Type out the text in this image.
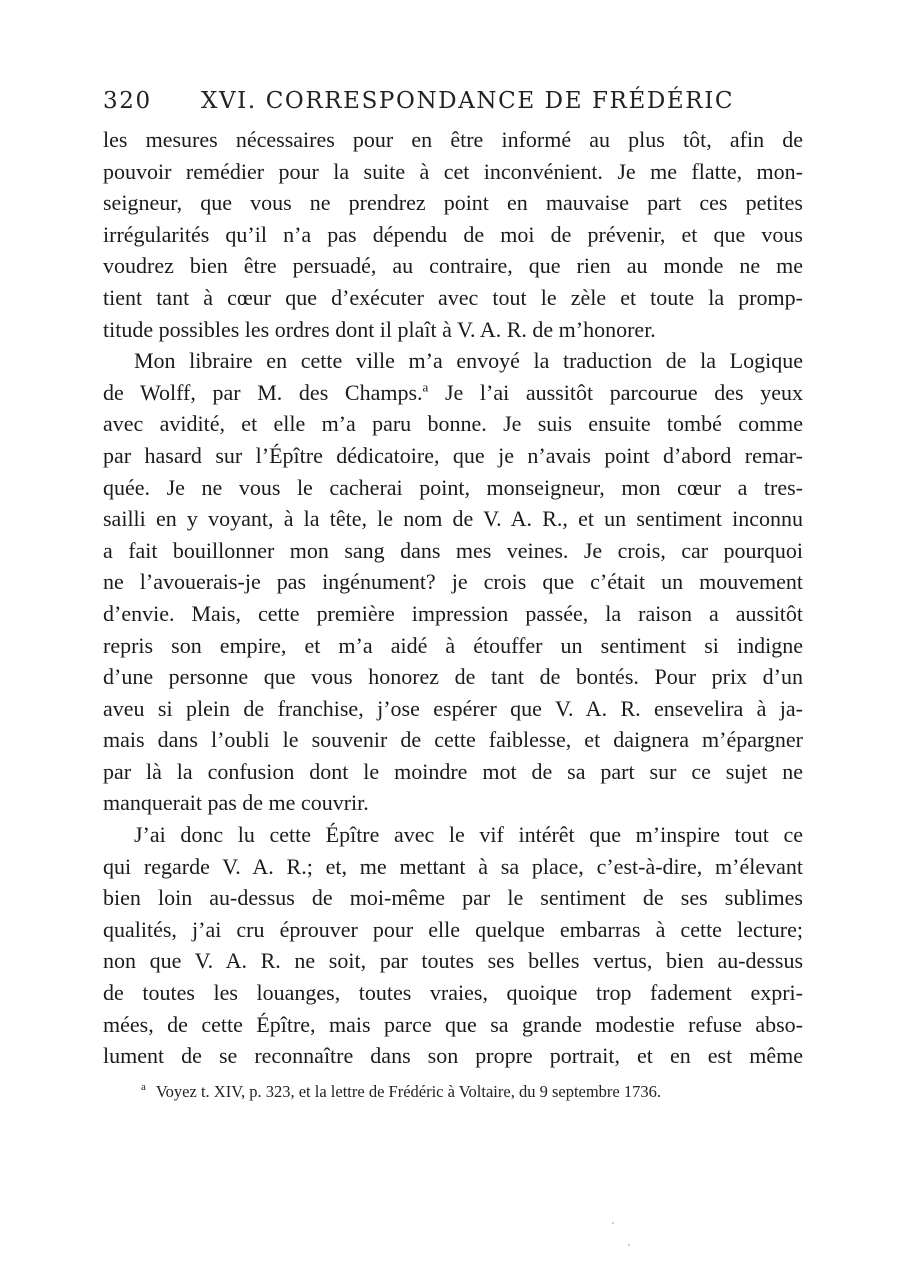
320	XVI. CORRESPONDANCE DE FRÉDÉRIC
les mesures nécessaires pour en être informé au plus tôt, afin de
pouvoir remédier pour la suite à cet inconvénient. Je me flatte, mon-
seigneur, que vous ne prendrez point en mauvaise part ces petites
irrégularités qu’il n’a pas dépendu de moi de prévenir, et que vous
voudrez bien être persuadé, au contraire, que rien au monde ne me
tient tant à cœur que d’exécuter avec tout le zèle et toute la promp-
titude possibles les ordres dont il plaît à V. A. R. de m’honorer.
Mon libraire en cette ville m’a envoyé la traduction de la Logique
de Wolff, par M. des Champs.$^a$ Je l’ai aussitôt parcourue des yeux
avec avidité, et elle m’a paru bonne. Je suis ensuite tombé comme
par hasard sur l’Épître dédicatoire, que je n’avais point d’abord remar-
quée. Je ne vous le cacherai point, monseigneur, mon cœur a tres-
sailli en y voyant, à la tête, le nom de V. A. R., et un sentiment inconnu
a fait bouillonner mon sang dans mes veines. Je crois, car pourquoi
ne l’avouerais-je pas ingénument? je crois que c’était un mouvement
d’envie. Mais, cette première impression passée, la raison a aussitôt
repris son empire, et m’a aidé à étouffer un sentiment si indigne
d’une personne que vous honorez de tant de bontés. Pour prix d’un
aveu si plein de franchise, j’ose espérer que V. A. R. ensevelira à ja-
mais dans l’oubli le souvenir de cette faiblesse, et daignera m’épargner
par là la confusion dont le moindre mot de sa part sur ce sujet ne
manquerait pas de me couvrir.
J’ai donc lu cette Épître avec le vif intérêt que m’inspire tout ce
qui regarde V. A. R.; et, me mettant à sa place, c’est-à-dire, m’élevant
bien loin au-dessus de moi-même par le sentiment de ses sublimes
qualités, j’ai cru éprouver pour elle quelque embarras à cette lecture;
non que V. A. R. ne soit, par toutes ses belles vertus, bien au-dessus
de toutes les louanges, toutes vraies, quoique trop fadement expri-
mées, de cette Épître, mais parce que sa grande modestie refuse abso-
lument de se reconnaître dans son propre portrait, et en est même
$^a$ Voyez t. XIV, p. 323, et la lettre de Frédéric à Voltaire, du 9 septembre 1736.
